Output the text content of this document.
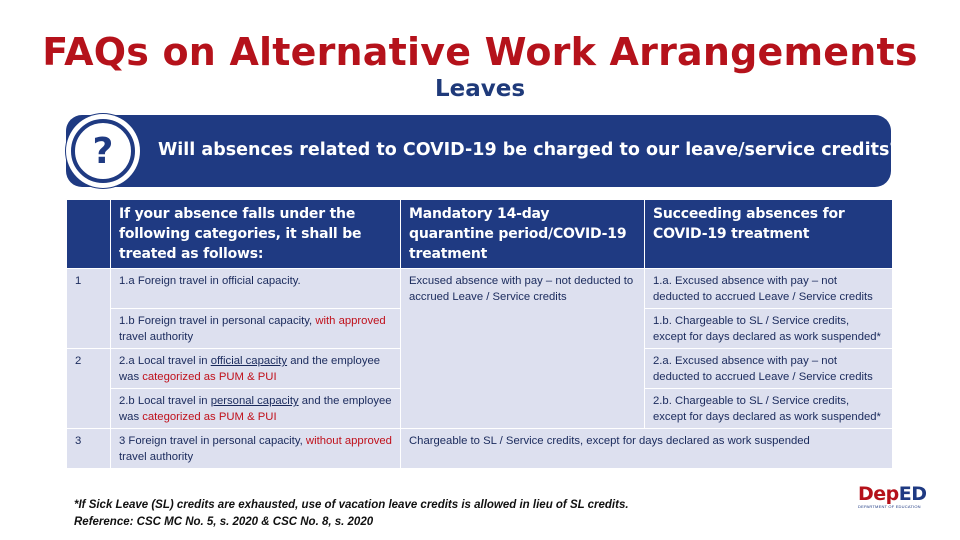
FAQs on Alternative Work Arrangements
Leaves
?	Will absences related to COVID-19 be charged to our leave/service credits?
	If your absence falls under the following categories, it shall be treated as follows:	Mandatory 14-day quarantine period/COVID-19 treatment	Succeeding absences for COVID-19 treatment
1	1.a Foreign travel in official capacity.	Excused absence with pay – not deducted to accrued Leave / Service credits	1.a. Excused absence with pay – not deducted to accrued Leave / Service credits
	1.b Foreign travel in personal capacity, with approved travel authority		1.b. Chargeable to SL / Service credits, except for days declared as work suspended*
2	2.a Local travel in official capacity and the employee was categorized as PUM & PUI		2.a. Excused absence with pay – not deducted to accrued Leave / Service credits
	2.b Local travel in personal capacity and the employee was categorized as PUM & PUI		2.b. Chargeable to SL / Service credits, except for days declared as work suspended*
3	3 Foreign travel in personal capacity, without approved travel authority	Chargeable to SL / Service credits, except for days declared as work suspended	
*If Sick Leave (SL) credits are exhausted, use of vacation leave credits is allowed in lieu of SL credits.
Reference: CSC MC No. 5, s. 2020 & CSC No. 8, s. 2020
DepED
DEPARTMENT OF EDUCATION
